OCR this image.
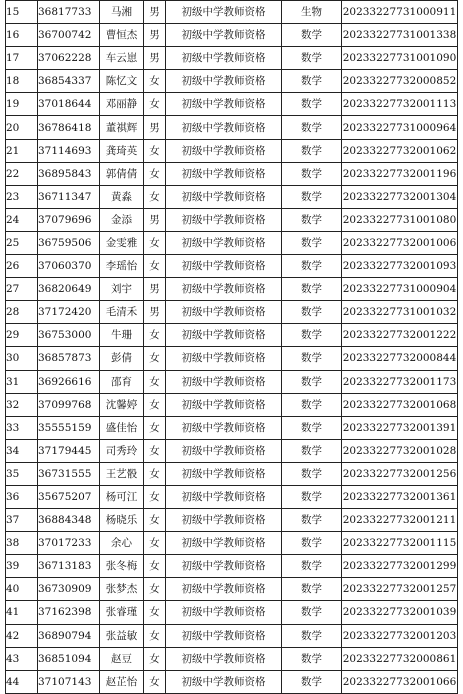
15	36817733	马湘	男	初级中学教师资格	生物	20233227731000911
16	36700742	曹恒杰	男	初级中学教师资格	数学	20233227731001338
17	37062228	车云崽	男	初级中学教师资格	数学	20233227731001090
18	36854337	陈忆文	女	初级中学教师资格	数学	20233227732000852
19	37018644	邓丽静	女	初级中学教师资格	数学	20233227732001113
20	36786418	董祺辉	男	初级中学教师资格	数学	20233227731000964
21	37114693	龚琦英	女	初级中学教师资格	数学	20233227732001062
22	36895843	郭倩倩	女	初级中学教师资格	数学	20233227732001196
23	36711347	黄淼	女	初级中学教师资格	数学	20233227732001304
24	37079696	金添	男	初级中学教师资格	数学	20233227731001080
25	36759506	金雯雅	女	初级中学教师资格	数学	20233227732001006
26	37060370	李瑶怡	女	初级中学教师资格	数学	20233227732001093
27	36820649	刘宇	男	初级中学教师资格	数学	20233227731000904
28	37172420	毛清禾	男	初级中学教师资格	数学	20233227731001032
29	36753000	牛珊	女	初级中学教师资格	数学	20233227732001222
30	36857873	彭倩	女	初级中学教师资格	数学	20233227732000844
31	36926616	邵育	女	初级中学教师资格	数学	20233227732001173
32	37099768	沈馨婷	女	初级中学教师资格	数学	20233227732001068
33	35555159	盛佳怡	女	初级中学教师资格	数学	20233227732001391
34	37179445	司秀玲	女	初级中学教师资格	数学	20233227732001028
35	36731555	王艺骰	女	初级中学教师资格	数学	20233227732001256
36	35675207	杨可江	女	初级中学教师资格	数学	20233227732001361
37	36884348	杨晓乐	女	初级中学教师资格	数学	20233227732001211
38	37017233	余心	女	初级中学教师资格	数学	20233227732001115
39	36713183	张冬梅	女	初级中学教师资格	数学	20233227732001299
40	36730909	张梦杰	女	初级中学教师资格	数学	20233227732001257
41	37162398	张睿瑾	女	初级中学教师资格	数学	20233227732001039
42	36890794	张益敏	女	初级中学教师资格	数学	20233227732001203
43	36851094	赵豆	女	初级中学教师资格	数学	20233227732000861
44	37107143	赵芷怡	女	初级中学教师资格	数学	20233227732001066
